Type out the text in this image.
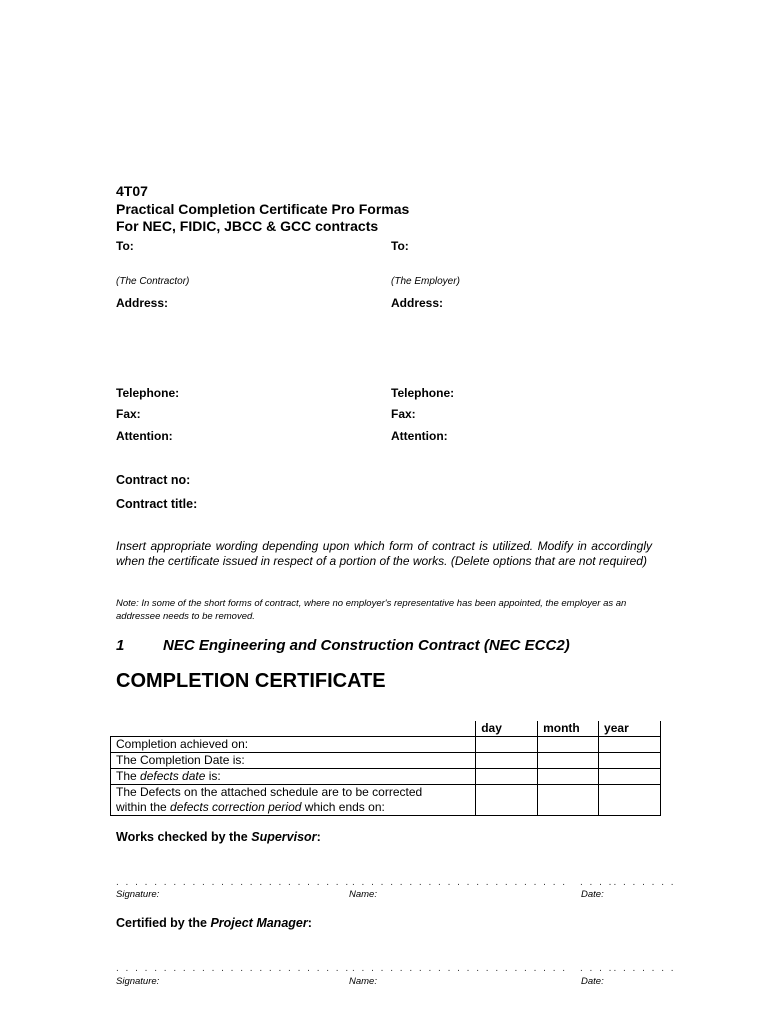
4T07
Practical Completion Certificate Pro Formas
For NEC, FIDIC, JBCC & GCC contracts
To:
(The Contractor)
Address:
Telephone:
Fax:
Attention:
To:
(The Employer)
Address:
Telephone:
Fax:
Attention:
Contract no:
Contract title:
Insert appropriate wording depending upon which form of contract is utilized. Modify in accordingly when the certificate issued in respect of a portion of the works. (Delete options that are not required)
Note: In some of the short forms of contract, where no employer's representative has been appointed, the employer as an addressee needs to be removed.
1	NEC Engineering and Construction Contract (NEC ECC2)
COMPLETION CERTIFICATE
	day	month	year
Completion achieved on:			
The Completion Date is:			
The defects date is:			

The Defects on the attached schedule are to be corrected
within the defects correction period which ends on:			

Works checked by the Supervisor:
. . . . . . . . . . . . . . . . . . . . . . . . . . . . . . . . . . . . . . . . . . . . . . . . . . . .. . . . . . .
Signature:	Name:	Date:
Certified by the Project Manager:
. . . . . . . . . . . . . . . . . . . . . . . . . . . . . . . . . . . . . . . . . . . . . . . . . . . .. . . . . . .
Signature:	Name:	Date:
